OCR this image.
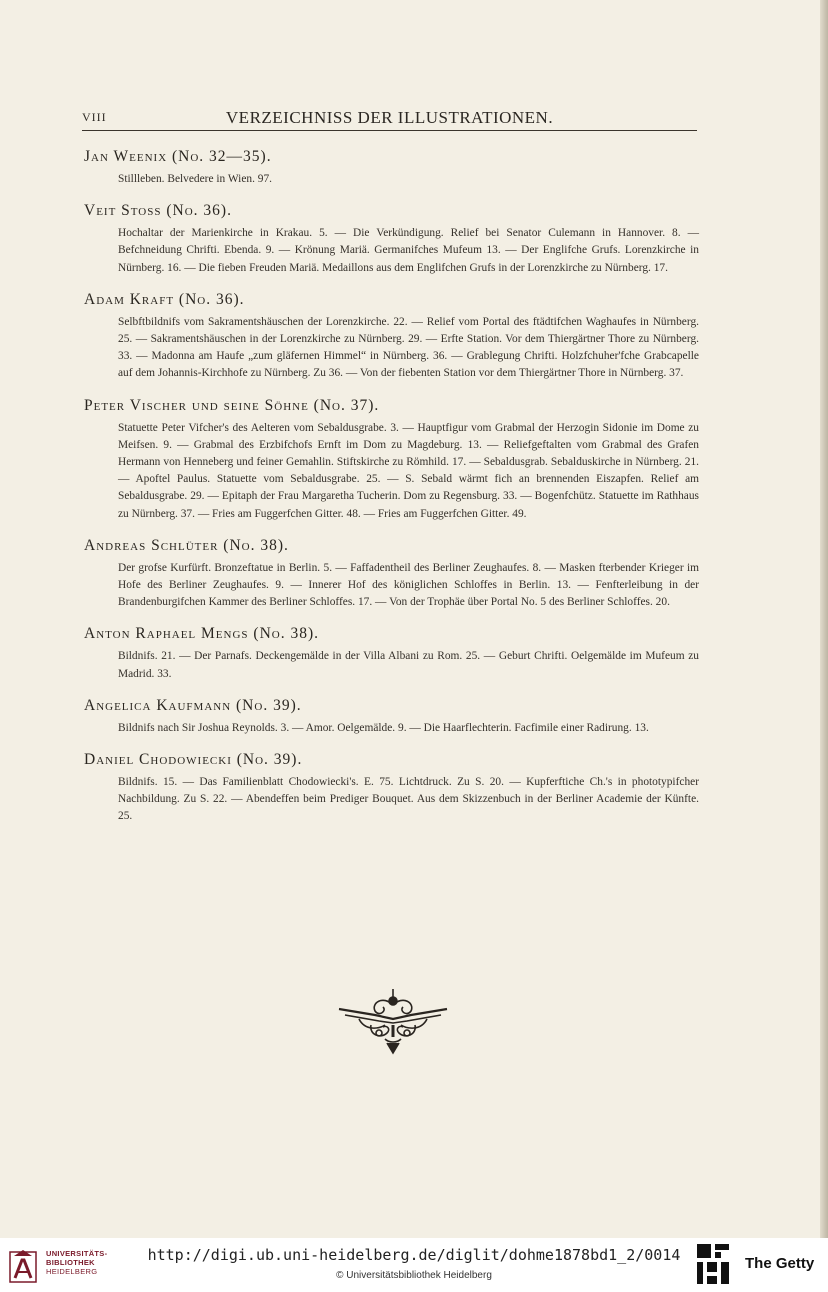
VIII	VERZEICHNISS DER ILLUSTRATIONEN.
Jan Weenix (No. 32—35).

Stillleben. Belvedere in Wien. 97.

Veit Stoss (No. 36).

Hochaltar der Marienkirche in Krakau. 5. — Die Verkündigung. Relief bei Senator Culemann in Hannover. 8. — Befchneidung Chrifti. Ebenda. 9. — Krönung Mariä. Germanifches Mufeum 13. — Der Englifche Grufs. Lorenzkirche in Nürnberg. 16. — Die fieben Freuden Mariä. Medaillons aus dem Englifchen Grufs in der Lorenzkirche zu Nürnberg. 17.

Adam Kraft (No. 36).

Selbftbildnifs vom Sakramentshäuschen der Lorenzkirche. 22. — Relief vom Portal des ftädtifchen Waghaufes in Nürnberg. 25. — Sakramentshäuschen in der Lorenzkirche zu Nürnberg. 29. — Erfte Station. Vor dem Thiergärtner Thore zu Nürnberg. 33. — Madonna am Haufe „zum gläfernen Himmel“ in Nürnberg. 36. — Grablegung Chrifti. Holzfchuher'fche Grabcapelle auf dem Johannis-Kirchhofe zu Nürnberg. Zu 36. — Von der fiebenten Station vor dem Thiergärtner Thore in Nürnberg. 37.

Peter Vischer und seine Söhne (No. 37).

Statuette Peter Vifcher's des Aelteren vom Sebaldusgrabe. 3. — Hauptfigur vom Grabmal der Herzogin Sidonie im Dome zu Meifsen. 9. — Grabmal des Erzbifchofs Ernft im Dom zu Magdeburg. 13. — Reliefgeftalten vom Grabmal des Grafen Hermann von Henneberg und feiner Gemahlin. Stiftskirche zu Römhild. 17. — Sebaldusgrab. Sebalduskirche in Nürnberg. 21. — Apoftel Paulus. Statuette vom Sebaldusgrabe. 25. — S. Sebald wärmt fich an brennenden Eiszapfen. Relief am Sebaldusgrabe. 29. — Epitaph der Frau Margaretha Tucherin. Dom zu Regensburg. 33. — Bogenfchütz. Statuette im Rathhaus zu Nürnberg. 37. — Fries am Fuggerfchen Gitter. 48. — Fries am Fuggerfchen Gitter. 49.

Andreas Schlüter (No. 38).

Der grofse Kurfürft. Bronzeftatue in Berlin. 5. — Faffadentheil des Berliner Zeughaufes. 8. — Masken fterbender Krieger im Hofe des Berliner Zeughaufes. 9. — Innerer Hof des königlichen Schloffes in Berlin. 13. — Fenfterleibung in der Brandenburgifchen Kammer des Berliner Schloffes. 17. — Von der Trophäe über Portal No. 5 des Berliner Schloffes. 20.

Anton Raphael Mengs (No. 38).

Bildnifs. 21. — Der Parnafs. Deckengemälde in der Villa Albani zu Rom. 25. — Geburt Chrifti. Oelgemälde im Mufeum zu Madrid. 33.

Angelica Kaufmann (No. 39).

Bildnifs nach Sir Joshua Reynolds. 3. — Amor. Oelgemälde. 9. — Die Haarflechterin. Facfimile einer Radirung. 13.

Daniel Chodowiecki (No. 39).

Bildnifs. 15. — Das Familienblatt Chodowiecki's. E. 75. Lichtdruck. Zu S. 20. — Kupferftiche Ch.'s in phototypifcher Nachbildung. Zu S. 22. — Abendeffen beim Prediger Bouquet. Aus dem Skizzenbuch in der Berliner Academie der Künfte. 25.

UNIVERSITÄTS-
BIBLIOTHEK
HEIDELBERG
http://digi.ub.uni-heidelberg.de/diglit/dohme1878bd1_2/0014
© Universitätsbibliothek Heidelberg
The Getty
